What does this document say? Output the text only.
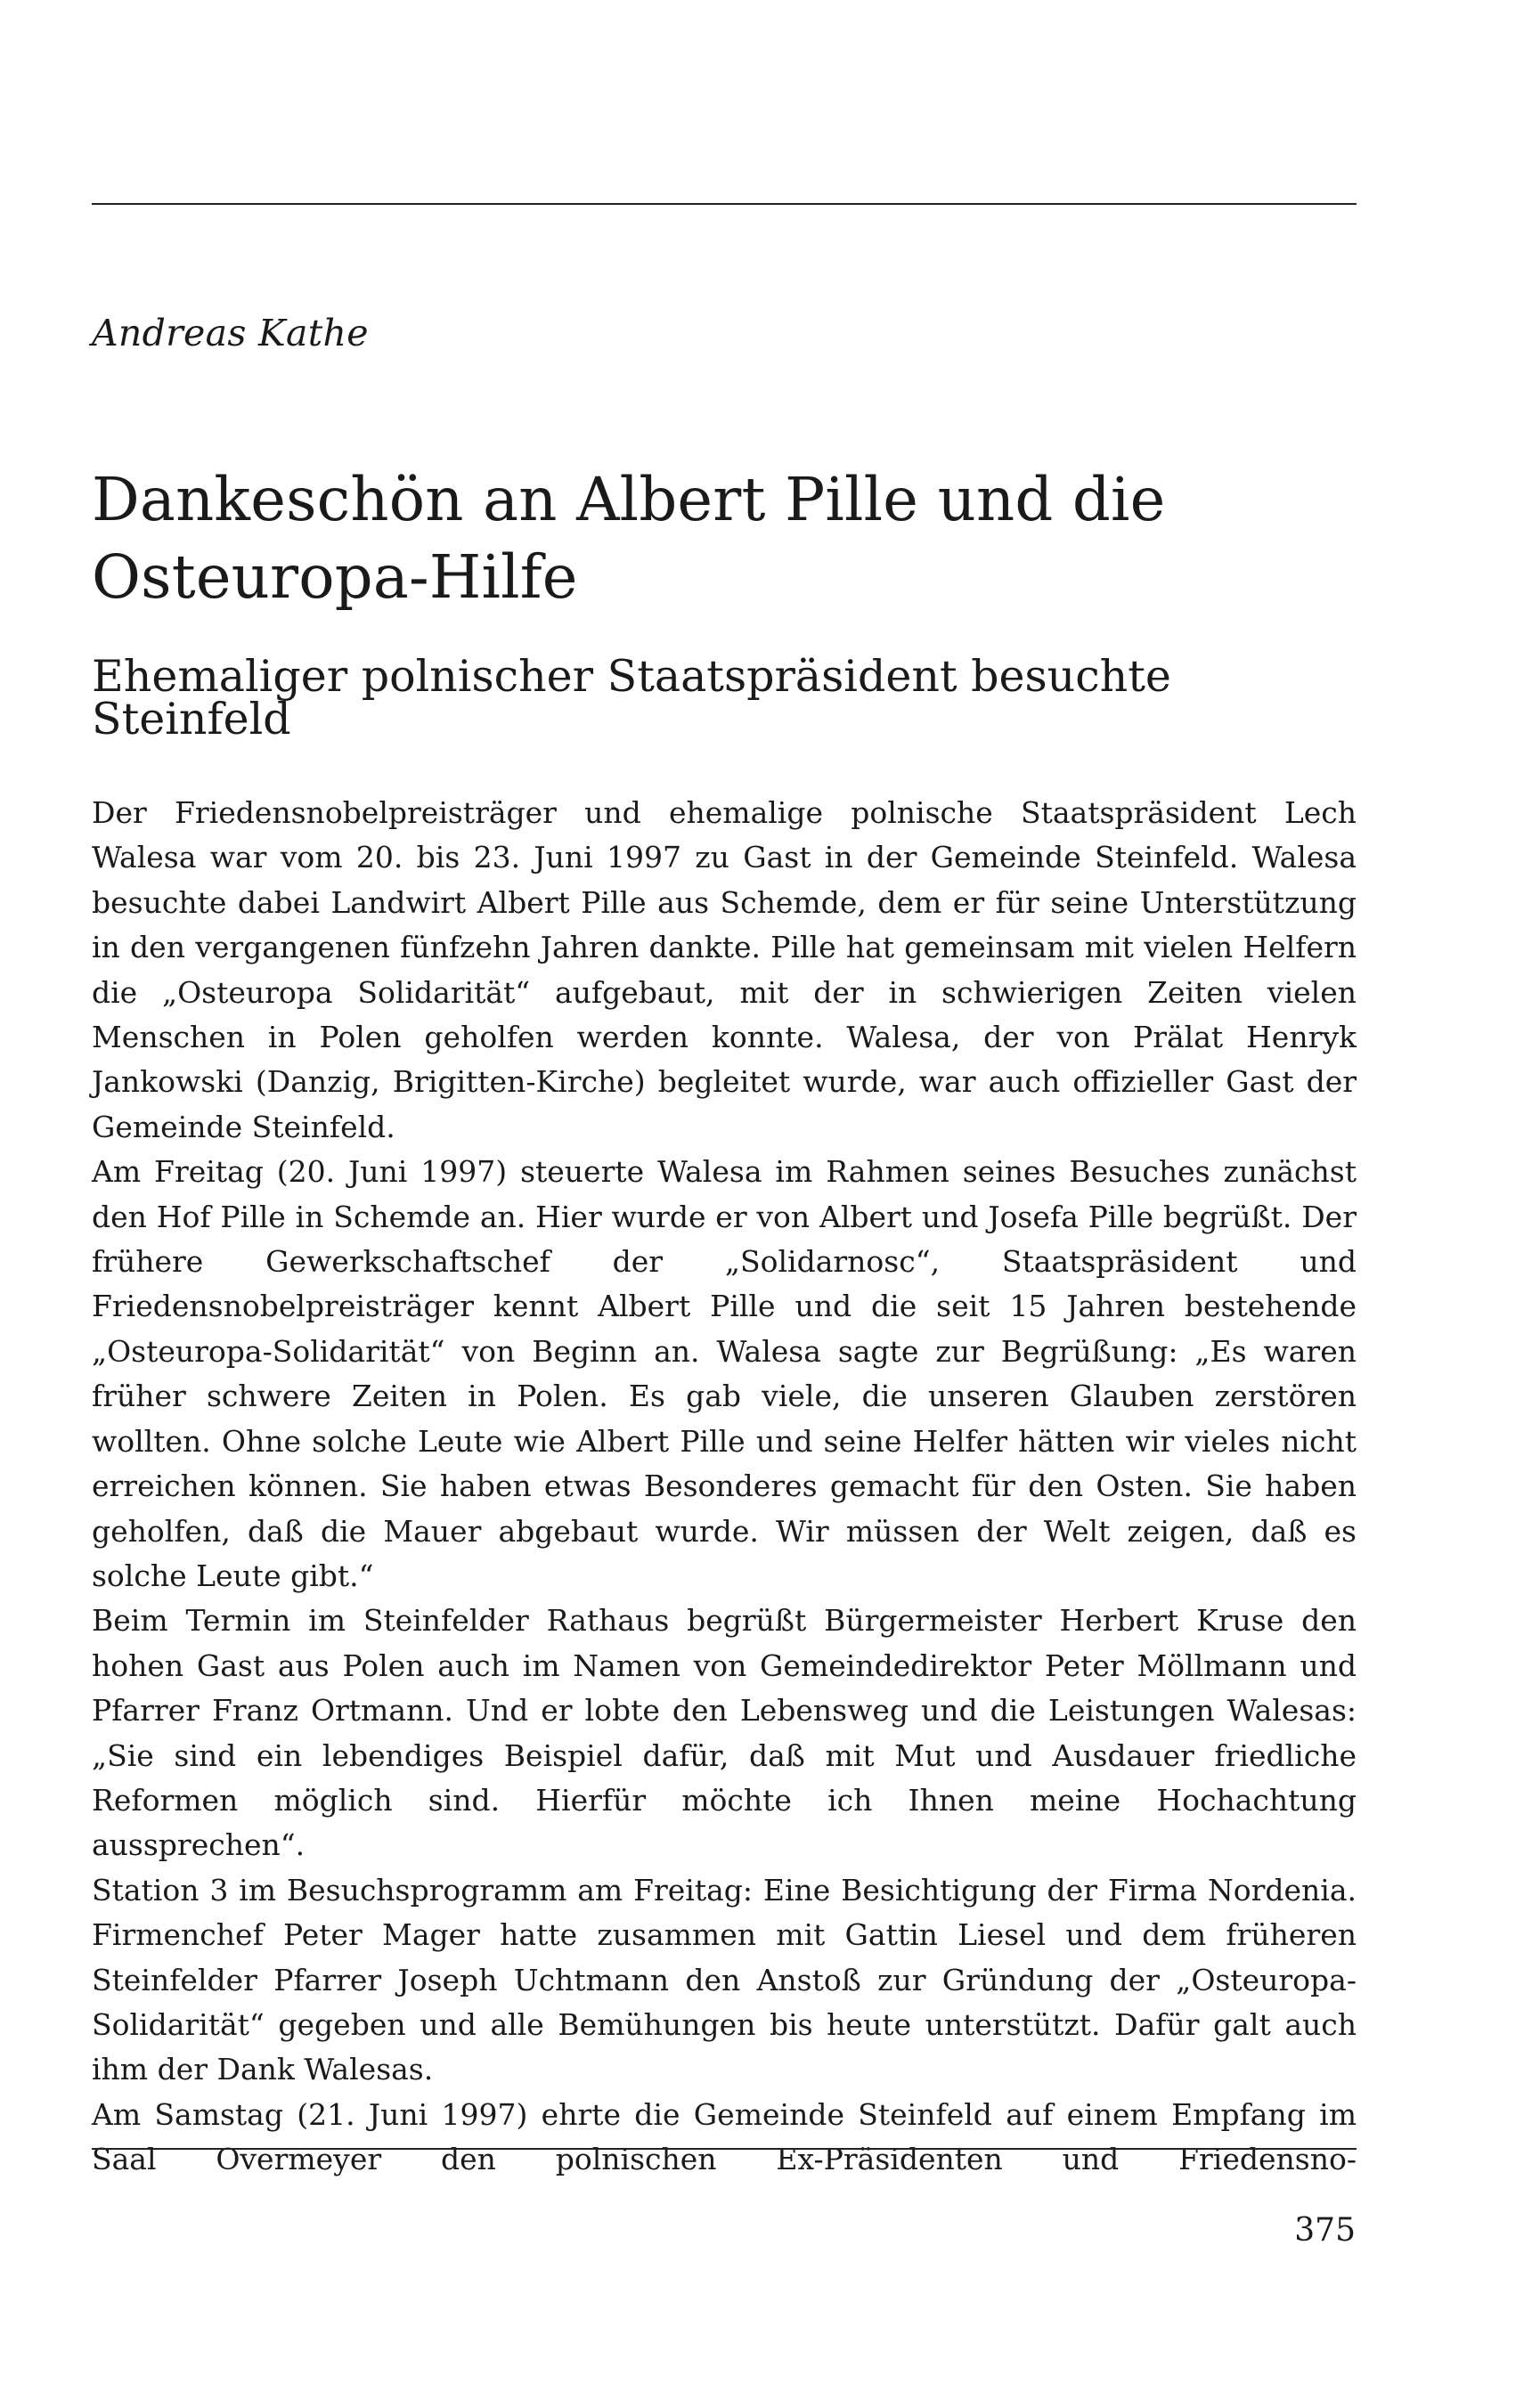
Andreas Kathe
Dankeschön an Albert Pille und die Osteuropa-Hilfe
Ehemaliger polnischer Staatspräsident besuchte Steinfeld

Der Friedensnobelpreisträger und ehemalige polnische Staatspräsident Lech Walesa war vom 20. bis 23. Juni 1997 zu Gast in der Gemeinde Steinfeld. Walesa besuchte dabei Landwirt Albert Pille aus Schemde, dem er für seine Unterstützung in den vergangenen fünfzehn Jahren dankte. Pille hat gemeinsam mit vielen Helfern die „Osteuropa Solidarität“ aufgebaut, mit der in schwierigen Zeiten vielen Menschen in Polen geholfen werden konnte. Walesa, der von Prälat Henryk Jankowski (Danzig, Brigitten-Kirche) begleitet wurde, war auch offizieller Gast der Gemeinde Steinfeld.

Am Freitag (20. Juni 1997) steuerte Walesa im Rahmen seines Besuches zunächst den Hof Pille in Schemde an. Hier wurde er von Albert und Josefa Pille begrüßt. Der frühere Gewerkschaftschef der „Solidarnosc“, Staatspräsident und Friedensnobelpreisträger kennt Albert Pille und die seit 15 Jahren bestehende „Osteuropa-Solidarität“ von Beginn an. Walesa sagte zur Begrüßung: „Es waren früher schwere Zeiten in Polen. Es gab viele, die unseren Glauben zerstören wollten. Ohne solche Leute wie Albert Pille und seine Helfer hätten wir vieles nicht erreichen können. Sie haben etwas Besonderes gemacht für den Osten. Sie haben geholfen, daß die Mauer abgebaut wurde. Wir müssen der Welt zeigen, daß es solche Leute gibt.“

Beim Termin im Steinfelder Rathaus begrüßt Bürgermeister Herbert Kruse den hohen Gast aus Polen auch im Namen von Gemeindedirektor Peter Möllmann und Pfarrer Franz Ortmann. Und er lobte den Lebensweg und die Leistungen Walesas: „Sie sind ein lebendiges Beispiel dafür, daß mit Mut und Ausdauer friedliche Reformen möglich sind. Hierfür möchte ich Ihnen meine Hochachtung aussprechen“.

Station 3 im Besuchsprogramm am Freitag: Eine Besichtigung der Firma Nordenia. Firmenchef Peter Mager hatte zusammen mit Gattin Liesel und dem früheren Steinfelder Pfarrer Joseph Uchtmann den Anstoß zur Gründung der „Osteuropa-Solidarität“ gegeben und alle Bemühungen bis heute unterstützt. Dafür galt auch ihm der Dank Walesas.

Am Samstag (21. Juni 1997) ehrte die Gemeinde Steinfeld auf einem Empfang im Saal Overmeyer den polnischen Ex-Präsidenten und Friedensno-

375
